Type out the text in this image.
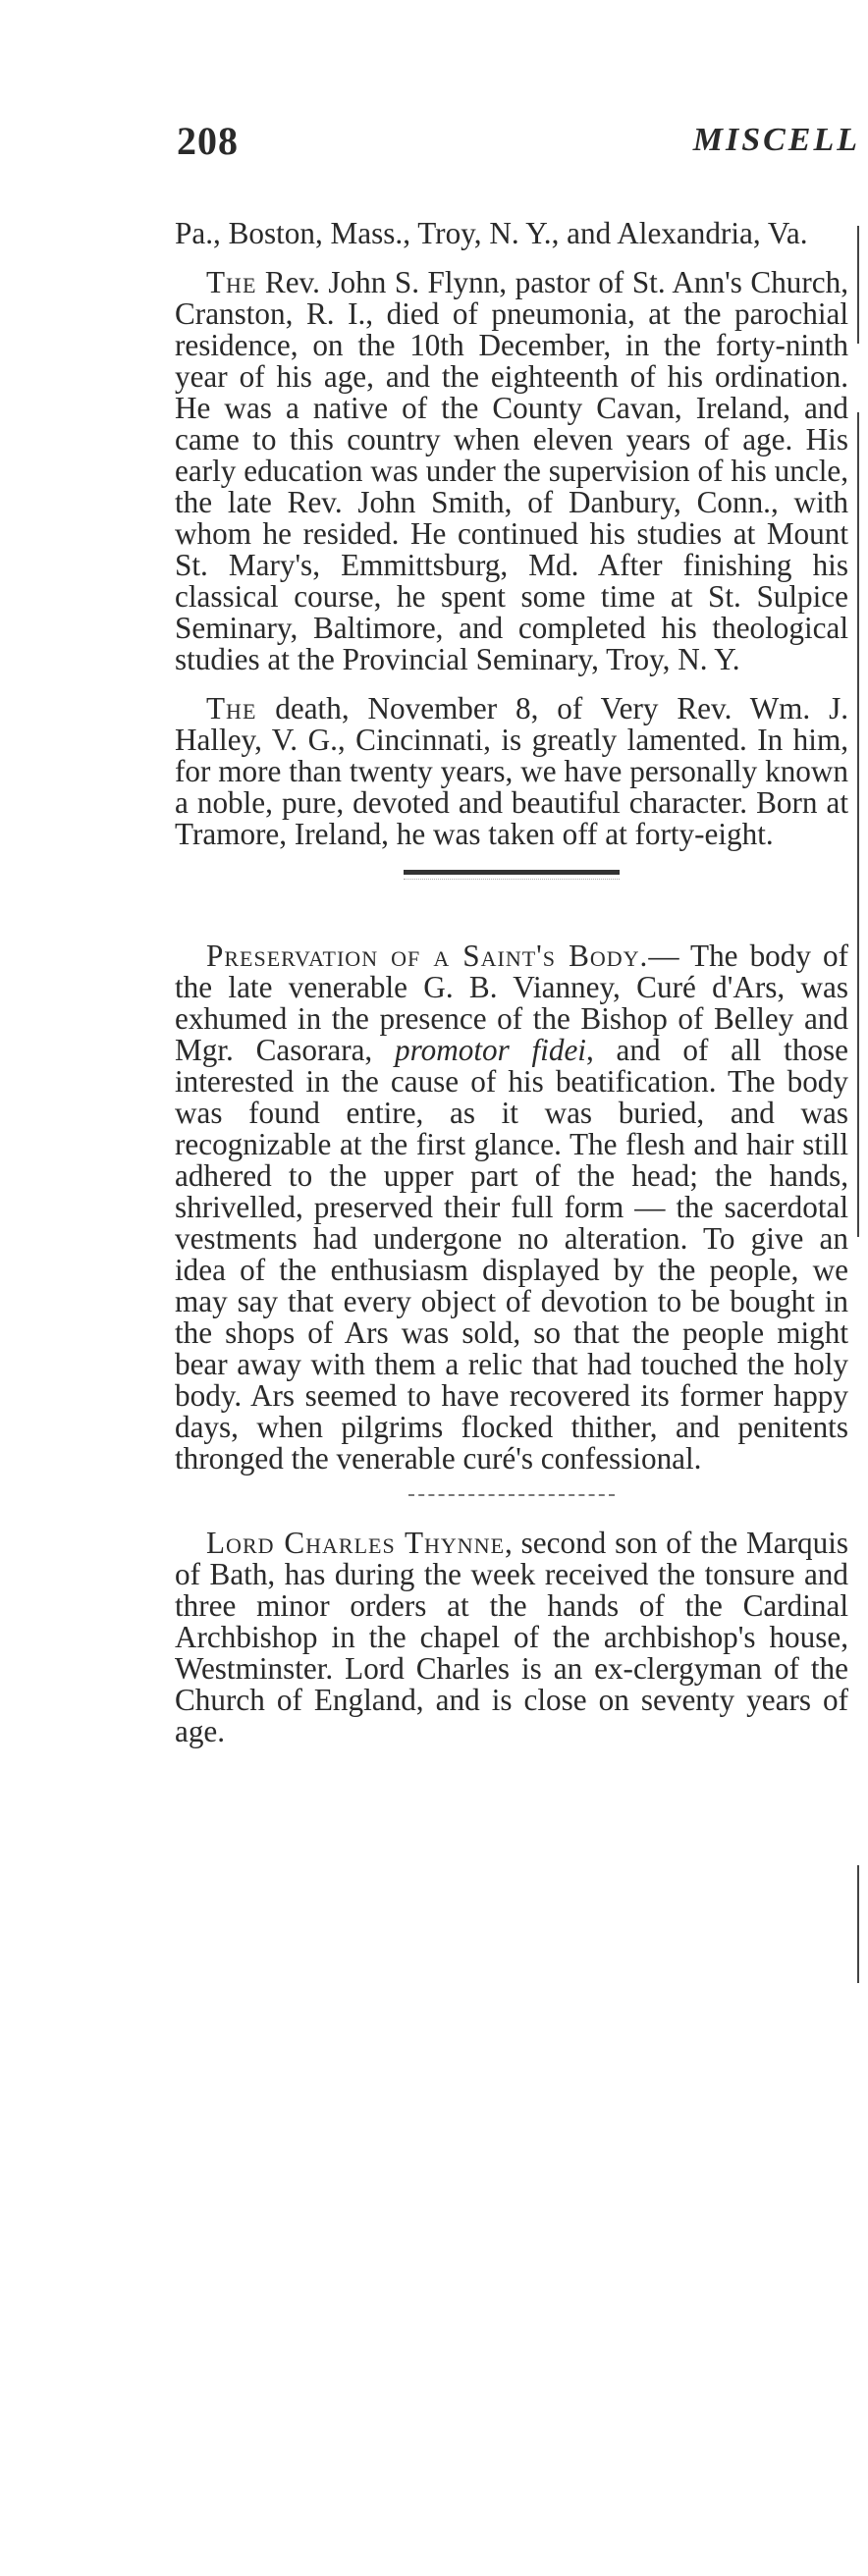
208	MISCELL

Pa., Boston, Mass., Troy, N. Y., and Alexandria, Va.

The Rev. John S. Flynn, pastor of St. Ann's Church, Cranston, R. I., died of pneumonia, at the parochial residence, on the 10th December, in the forty-ninth year of his age, and the eighteenth of his ordination. He was a native of the County Cavan, Ireland, and came to this country when eleven years of age. His early education was under the supervision of his uncle, the late Rev. John Smith, of Danbury, Conn., with whom he resided. He continued his studies at Mount St. Mary's, Emmittsburg, Md. After finishing his classical course, he spent some time at St. Sulpice Seminary, Baltimore, and completed his theological studies at the Provincial Seminary, Troy, N. Y.

The death, November 8, of Very Rev. Wm. J. Halley, V. G., Cincinnati, is greatly lamented. In him, for more than twenty years, we have personally known a noble, pure, devoted and beautiful character. Born at Tramore, Ireland, he was taken off at forty-eight.

Preservation of a Saint's Body.— The body of the late venerable G. B. Vianney, Curé d'Ars, was exhumed in the presence of the Bishop of Belley and Mgr. Casorara, promotor fidei, and of all those interested in the cause of his beatification. The body was found entire, as it was buried, and was recognizable at the first glance. The flesh and hair still adhered to the upper part of the head; the hands, shrivelled, preserved their full form — the sacerdotal vestments had undergone no alteration. To give an idea of the enthusiasm displayed by the people, we may say that every object of devotion to be bought in the shops of Ars was sold, so that the people might bear away with them a relic that had touched the holy body. Ars seemed to have recovered its former happy days, when pilgrims flocked thither, and penitents thronged the venerable curé's confessional.

Lord Charles Thynne, second son of the Marquis of Bath, has during the week received the tonsure and three minor orders at the hands of the Cardinal Archbishop in the chapel of the archbishop's house, Westminster. Lord Charles is an ex-clergyman of the Church of England, and is close on seventy years of age.
